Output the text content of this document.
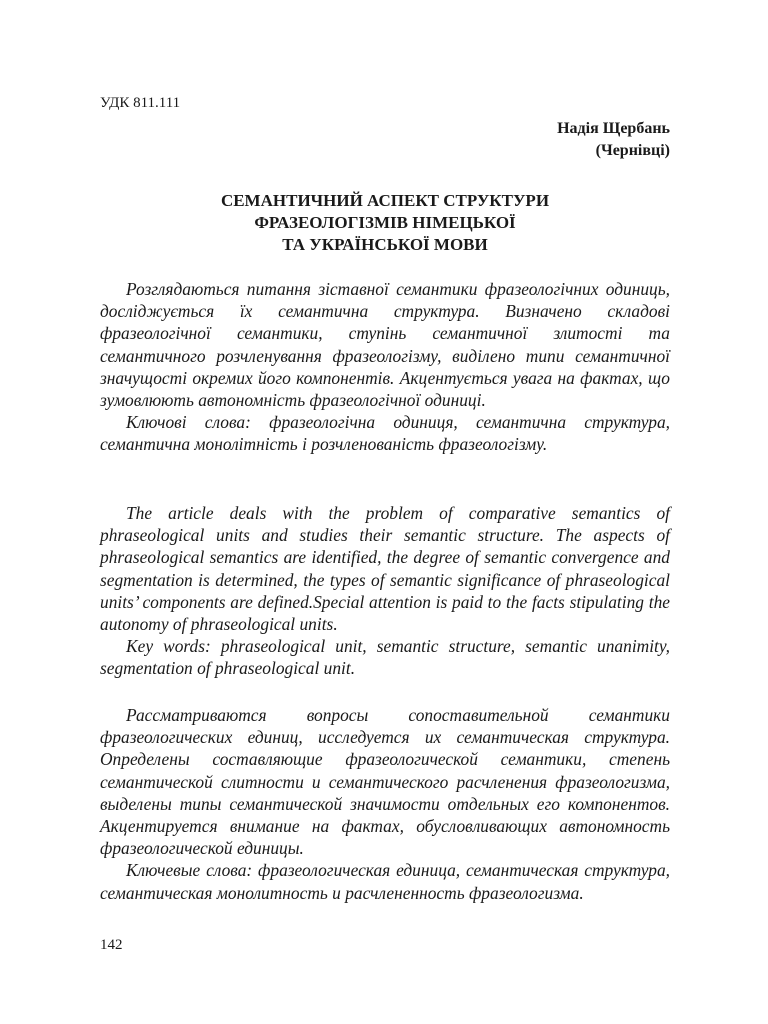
УДК 811.111
Надія Щербань
(Чернівці)
СЕМАНТИЧНИЙ АСПЕКТ СТРУКТУРИ
ФРАЗЕОЛОГІЗМІВ НІМЕЦЬКОЇ
ТА УКРАЇНСЬКОЇ МОВИ

Розглядаються питання зіставної семантики фразеологічних одиниць, досліджується їх семантична структура. Визначено складові фразеологічної семантики, ступінь семантичної злитості та семантичного розчленування фразеологізму, виділено типи семантичної значущості окремих його компонентів. Акцентується увага на фактах, що зумовлюють автономність фразеологічної одиниці.

Ключові слова: фразеологічна одиниця, семантична структура, семантична монолітність і розчленованість фразеологізму.

The article deals with the problem of comparative semantics of phraseological units and studies their semantic structure. The aspects of phraseological semantics are identified, the degree of semantic convergence and segmentation is determined, the types of semantic significance of phraseological units’ components are defined.Special attention is paid to the facts stipulating the autonomy of phraseological units.

Key words: phraseological unit, semantic structure, semantic unanimity, segmentation of phraseological unit.

Рассматриваются вопросы сопоставительной семантики фразеологических единиц, исследуется их семантическая структура. Определены составляющие фразеологической семантики, степень семантической слитности и семантического расчленения фразеологизма, выделены типы семантической значимости отдельных его компонентов. Акцентируется внимание на фактах, обусловливающих автономность фразеологической единицы.

Ключевые слова: фразеологическая единица, семантическая структура, семантическая монолитность и расчлененность фразеологизма.

142
